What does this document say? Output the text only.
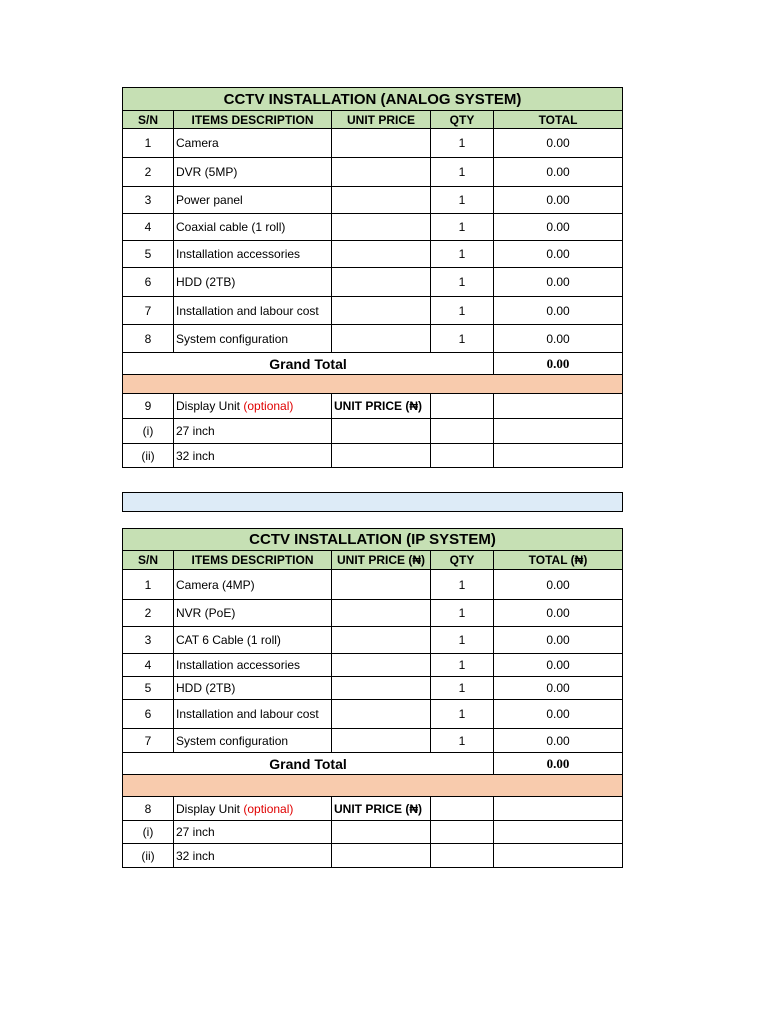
CCTV INSTALLATION (ANALOG SYSTEM)				
S/N	ITEMS DESCRIPTION	UNIT PRICE	QTY	TOTAL
1	Camera		1	0.00
2	DVR (5MP)		1	0.00
3	Power panel		1	0.00
4	Coaxial cable (1 roll)		1	0.00
5	Installation accessories		1	0.00
6	HDD (2TB)		1	0.00
7	Installation and labour cost		1	0.00
8	System configuration		1	0.00
Grand Total				0.00

9	Display Unit (optional)	UNIT PRICE (₦)		
(i)	27 inch			
(ii)	32 inch			
CCTV INSTALLATION (IP SYSTEM)				
S/N	ITEMS DESCRIPTION	UNIT PRICE (₦)	QTY	TOTAL (₦)
1	Camera (4MP)		1	0.00
2	NVR (PoE)		1	0.00
3	CAT 6 Cable (1 roll)		1	0.00
4	Installation accessories		1	0.00
5	HDD (2TB)		1	0.00
6	Installation and labour cost		1	0.00
7	System configuration		1	0.00
Grand Total				0.00

8	Display Unit (optional)	UNIT PRICE (₦)		
(i)	27 inch			
(ii)	32 inch			
